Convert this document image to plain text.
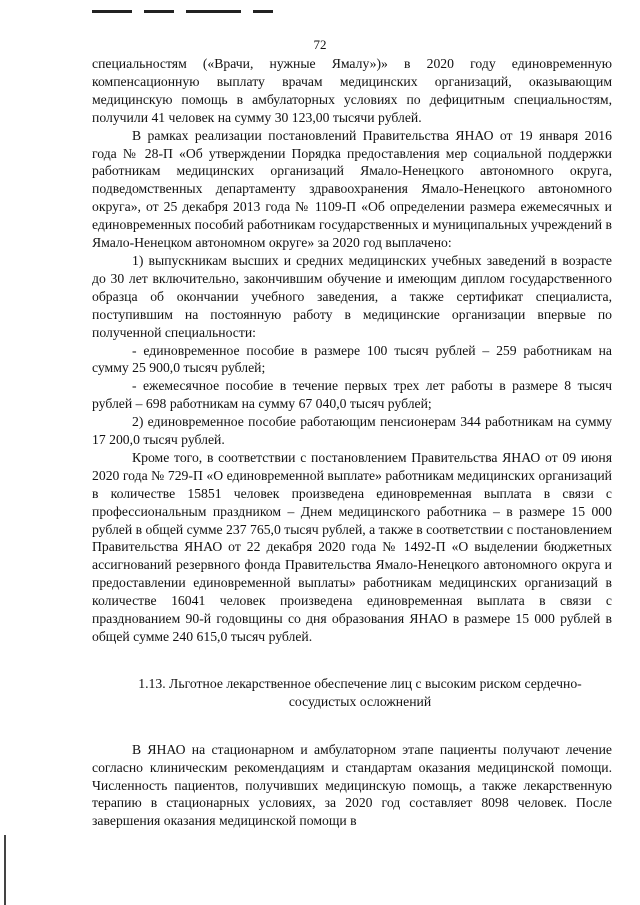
72

специальностям («Врачи, нужные Ямалу»)» в 2020 году единовременную компенсационную выплату врачам медицинских организаций, оказывающим медицинскую помощь в амбулаторных условиях по дефицитным специальностям, получили 41 человек на сумму 30 123,00 тысячи рублей.

В рамках реализации постановлений Правительства ЯНАО от 19 января 2016 года № 28-П «Об утверждении Порядка предоставления мер социальной поддержки работникам медицинских организаций Ямало-Ненецкого автономного округа, подведомственных департаменту здравоохранения Ямало-Ненецкого автономного округа», от 25 декабря 2013 года № 1109-П «Об определении размера ежемесячных и единовременных пособий работникам государственных и муниципальных учреждений в Ямало-Ненецком автономном округе» за 2020 год выплачено:

1) выпускникам высших и средних медицинских учебных заведений в возрасте до 30 лет включительно, закончившим обучение и имеющим диплом государственного образца об окончании учебного заведения, а также сертификат специалиста, поступившим на постоянную работу в медицинские организации впервые по полученной специальности:

- единовременное пособие в размере 100 тысяч рублей – 259 работникам на сумму 25 900,0 тысяч рублей;

- ежемесячное пособие в течение первых трех лет работы в размере 8 тысяч рублей – 698 работникам на сумму 67 040,0 тысяч рублей;

2) единовременное пособие работающим пенсионерам 344 работникам на сумму 17 200,0 тысяч рублей.

Кроме того, в соответствии с постановлением Правительства ЯНАО от 09 июня 2020 года № 729-П «О единовременной выплате» работникам медицинских организаций в количестве 15851 человек произведена единовременная выплата в связи с профессиональным праздником – Днем медицинского работника – в размере 15 000 рублей в общей сумме 237 765,0 тысяч рублей, а также в соответствии с постановлением Правительства ЯНАО от 22 декабря 2020 года № 1492-П «О выделении бюджетных ассигнований резервного фонда Правительства Ямало-Ненецкого автономного округа и предоставлении единовременной выплаты» работникам медицинских организаций в количестве 16041 человек произведена единовременная выплата в связи с празднованием 90-й годовщины со дня образования ЯНАО в размере 15 000 рублей в общей сумме 240 615,0 тысяч рублей.

1.13. Льготное лекарственное обеспечение лиц с высоким риском сердечно-
сосудистых осложнений

В ЯНАО на стационарном и амбулаторном этапе пациенты получают лечение согласно клиническим рекомендациям и стандартам оказания медицинской помощи. Численность пациентов, получивших медицинскую помощь, а также лекарственную терапию в стационарных условиях, за 2020 год составляет 8098 человек. После завершения оказания медицинской помощи в
